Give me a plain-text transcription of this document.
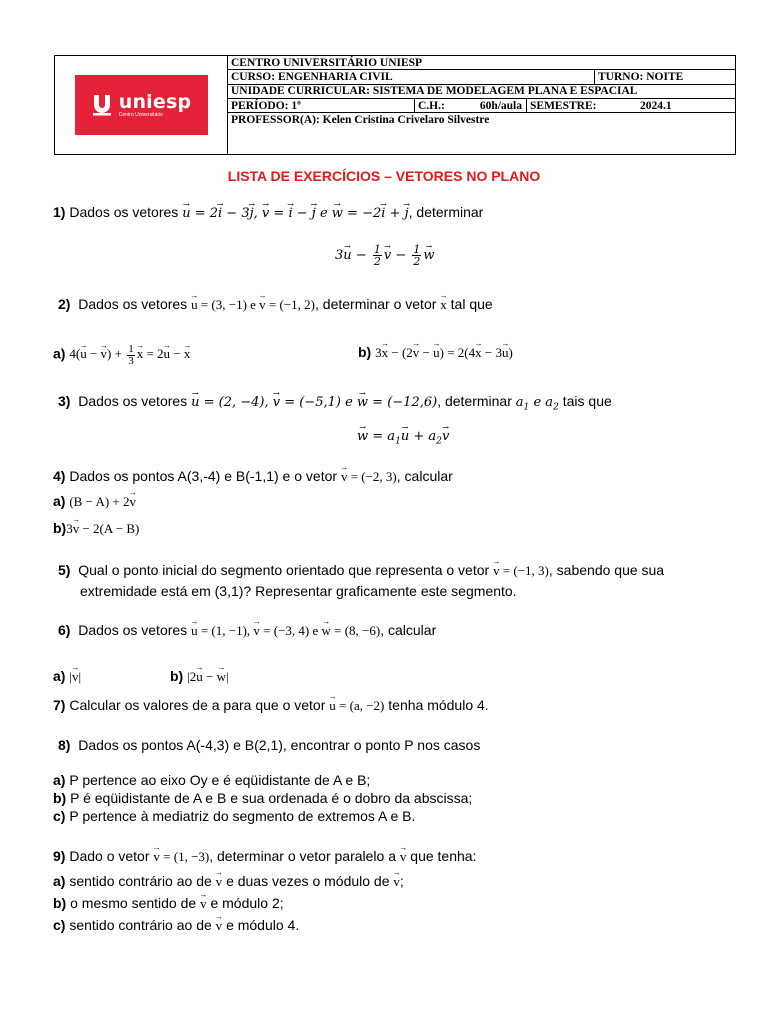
uniesp
Centro Universitário
CENTRO UNIVERSITÁRIO UNIESP
CURSO: ENGENHARIA CIVIL	TURNO: NOITE
UNIDADE CURRICULAR: SISTEMA DE MODELAGEM PLANA E ESPACIAL
PERÍODO: 1º	C.H.:	60h/aula SEMESTRE:	2024.1
PROFESSOR(A): Kelen Cristina Crivelaro Silvestre
LISTA DE EXERCÍCIOS – VETORES NO PLANO
1) Dados os vetores → u = 2→ i − 3→ j, → v = → i − → j e → w = −2→ i + → j, determinar
$3\to u - \frac{1}{2}$
→ $v - \frac{1}{2}$
→ w
2) Dados os vetores → u = (3, −1) e → v = (−1, 2), determinar o vetor → x tal que
a) 4(→ u − → $v) + \frac{1}{3}$
→ x = 2→ u − → x	b) 3→ x − (2→ v − → u) = 2(4→ x − 3→ u)
3) Dados os vetores → u = (2, −4), → v = (−5,1) e → w = (−12,6), determinar $a_1$ e $a_2$ tais que
→ $w = a_1\to u + a_2\to v$
4) Dados os pontos A(3,-4) e B(-1,1) e o vetor → v = (−2, 3), calcular
a) (B − A) + 2→ v
b)3→ v − 2(A − B)
5) Qual o ponto inicial do segmento orientado que representa o vetor → v = (−1, 3), sabendo que sua
extremidade está em (3,1)? Representar graficamente este segmento.
6) Dados os vetores → u = (1, −1), → v = (−3, 4) e → w = (8, −6), calcular
a) |→ v|	b) |2→ u − → w|
7) Calcular os valores de a para que o vetor → u = (a, −2) tenha módulo 4.
8) Dados os pontos A(-4,3) e B(2,1), encontrar o ponto P nos casos
a) P pertence ao eixo Oy e é eqüidistante de A e B;
b) P é eqüidistante de A e B e sua ordenada é o dobro da abscissa;
c) P pertence à mediatriz do segmento de extremos A e B.
9) Dado o vetor → v = (1, −3), determinar o vetor paralelo a → v que tenha:
a) sentido contrário ao de → v e duas vezes o módulo de → v;
b) o mesmo sentido de → v e módulo 2;
c) sentido contrário ao de → v e módulo 4.
